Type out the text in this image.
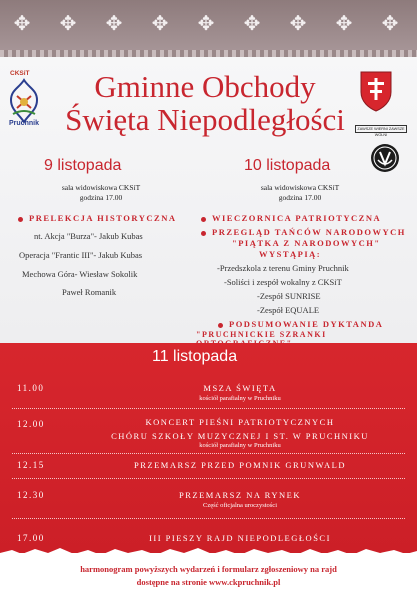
✥ ✥ ✥ ✥ ✥ ✥ ✥ ✥ ✥
CKSiT
Pruchnik
Gminne Obchody
Święta Niepodległości	ZAWSZE WIERNI ZAWSZE WOLNI
9 listopada
sala widowiskowa CKSiT
godzina 17.00
PRELEKCJA HISTORYCZNA
nt. Akcja "Burza"- Jakub Kubas
Operacja "Frantic III"- Jakub Kubas
Mechowa Góra- Wiesław Sokolik
Paweł Romanik
10 listopada
sala widowiskowa CKSiT
godzina 17.00
WIECZORNICA PATRIOTYCZNA
PRZEGLĄD TAŃCÓW NARODOWYCH
"PIĄTKA Z NARODOWYCH"
WYSTĄPIĄ:
-Przedszkola z terenu Gminy Pruchnik
-Soliści i zespół wokalny z CKSiT
-Zespół SUNRISE
-Zespół EQUALE
PODSUMOWANIE DYKTANDA
"PRUCHNICKIE SZRANKI
11 listopada
11.00	MSZA ŚWIĘTA
kościół parafialny w Pruchniku
12.00	KONCERT PIEŚNI PATRIOTYCZNYCH
CHÓRU SZKOŁY MUZYCZNEJ I ST. W PRUCHNIKU
kościół parafialny w Pruchniku
12.15	PRZEMARSZ PRZED POMNIK GRUNWALD
12.30	PRZEMARSZ NA RYNEK
Część oficjalna uroczystości
17.00	III PIESZY RAJD NIEPODLEGŁOŚCI
harmonogram powyższych wydarzeń i formularz zgłoszeniowy na rajd
dostępne na stronie www.ckpruchnik.pl
